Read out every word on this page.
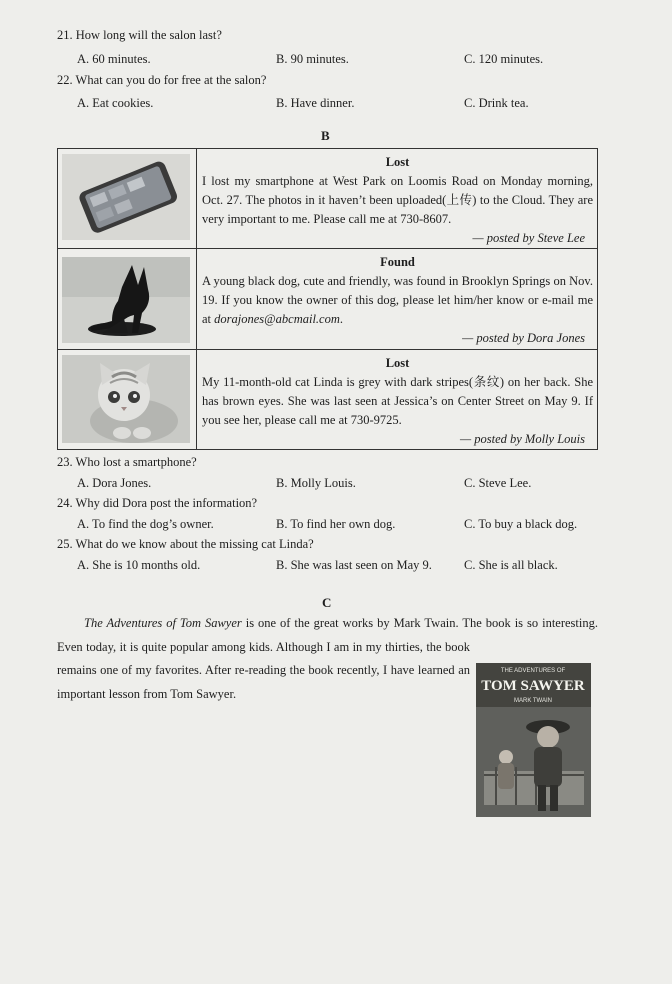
21. How long will the salon last?
A. 60 minutes.	B. 90 minutes.	C. 120 minutes.
22. What can you do for free at the salon?
A. Eat cookies.	B. Have dinner.	C. Drink tea.
B

Lost
I lost my smartphone at West Park on Loomis Road on Monday morning, Oct. 27. The photos in it haven’t been uploaded(上传) to the Cloud. They are very important to me. Please call me at 730-8607.
— posted by Steve Lee

Found
A young black dog, cute and friendly, was found in Brooklyn Springs on Nov. 19. If you know the owner of this dog, please let him/her know or e-mail me at dorajones@abcmail.com.
— posted by Dora Jones

Lost
My 11-month-old cat Linda is grey with dark stripes(条纹) on her back. She has brown eyes. She was last seen at Jessica’s on Center Street on May 9. If you see her, please call me at 730-9725.
— posted by Molly Louis
23. Who lost a smartphone?
A. Dora Jones.	B. Molly Louis.	C. Steve Lee.
24. Why did Dora post the information?
A. To find the dog’s owner.	B. To find her own dog.	C. To buy a black dog.
25. What do we know about the missing cat Linda?
A. She is 10 months old.	B. She was last seen on May 9.	C. She is all black.
C
THE ADVENTURES OF
TOM SAWYER
MARK TWAIN

The Adventures of Tom Sawyer is one of the great works by Mark Twain. The book is so interesting. Even today, it is quite popular among kids. Although I am in my thirties, the book remains one of my favorites. After re-reading the book recently, I have learned an important lesson from Tom Sawyer.
